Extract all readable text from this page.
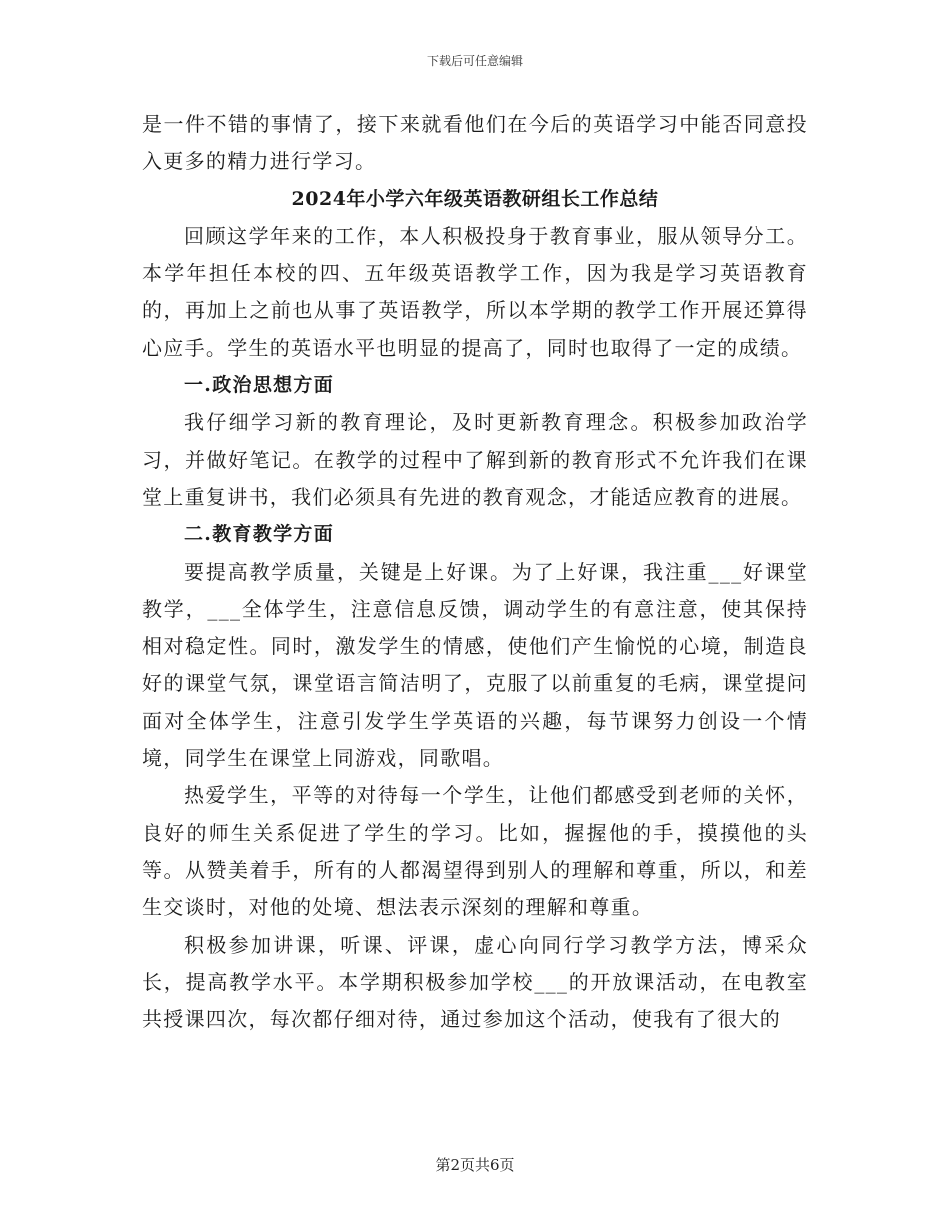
下载后可任意编辑

是一件不错的事情了，接下来就看他们在今后的英语学习中能否同意投入更多的精力进行学习。

2024年小学六年级英语教研组长工作总结

回顾这学年来的工作，本人积极投身于教育事业，服从领导分工。本学年担任本校的四、五年级英语教学工作，因为我是学习英语教育的，再加上之前也从事了英语教学，所以本学期的教学工作开展还算得心应手。学生的英语水平也明显的提高了，同时也取得了一定的成绩。

一.政治思想方面

我仔细学习新的教育理论，及时更新教育理念。积极参加政治学习，并做好笔记。在教学的过程中了解到新的教育形式不允许我们在课堂上重复讲书，我们必须具有先进的教育观念，才能适应教育的进展。

二.教育教学方面

要提高教学质量，关键是上好课。为了上好课，我注重___好课堂教学，___全体学生，注意信息反馈，调动学生的有意注意，使其保持相对稳定性。同时，激发学生的情感，使他们产生愉悦的心境，制造良好的课堂气氛，课堂语言简洁明了，克服了以前重复的毛病，课堂提问面对全体学生，注意引发学生学英语的兴趣，每节课努力创设一个情境，同学生在课堂上同游戏，同歌唱。

热爱学生，平等的对待每一个学生，让他们都感受到老师的关怀，良好的师生关系促进了学生的学习。比如，握握他的手，摸摸他的头等。从赞美着手，所有的人都渴望得到别人的理解和尊重，所以，和差生交谈时，对他的处境、想法表示深刻的理解和尊重。

积极参加讲课，听课、评课，虚心向同行学习教学方法，博采众长，提高教学水平。本学期积极参加学校___的开放课活动，在电教室共授课四次，每次都仔细对待，通过参加这个活动，使我有了很大的

第2页共6页
